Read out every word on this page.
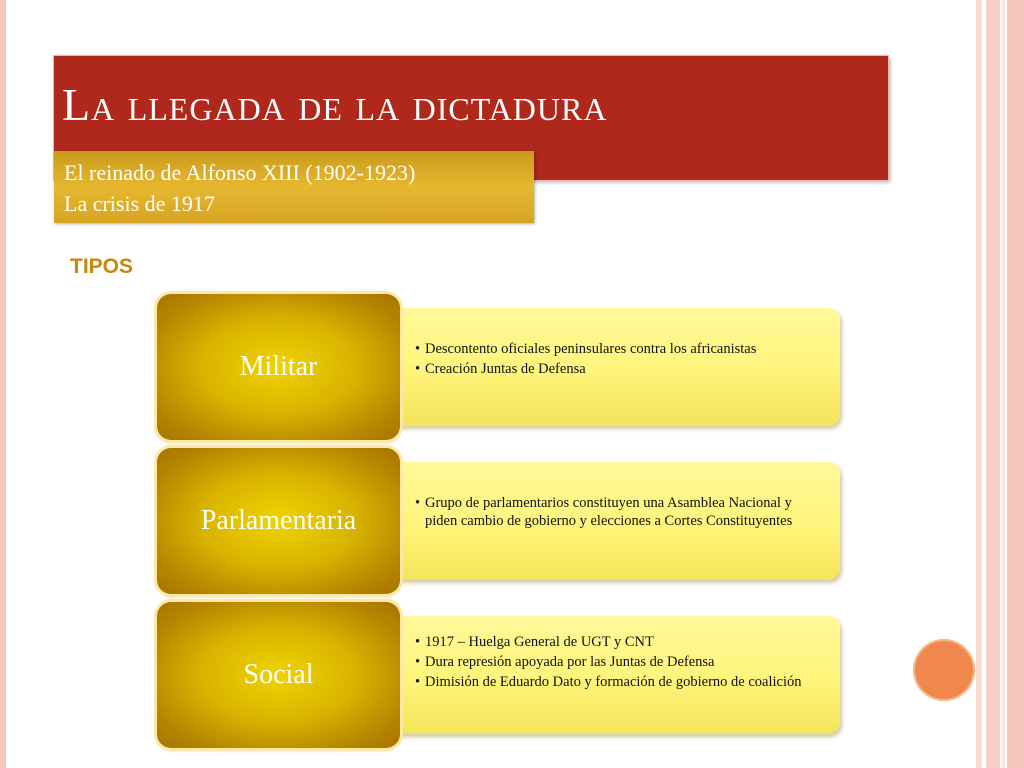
La llegada de la dictadura
El reinado de Alfonso XIII (1902-1923)
La crisis de 1917
TIPOS
• Descontento oficiales peninsulares contra los africanistas
• Creación Juntas de Defensa
Militar
• Grupo de parlamentarios constituyen una Asamblea Nacional y piden cambio de gobierno y elecciones a Cortes Constituyentes
Parlamentaria
• 1917 – Huelga General de UGT y CNT
• Dura represión apoyada por las Juntas de Defensa
• Dimisión de Eduardo Dato y formación de gobierno de coalición
Social
